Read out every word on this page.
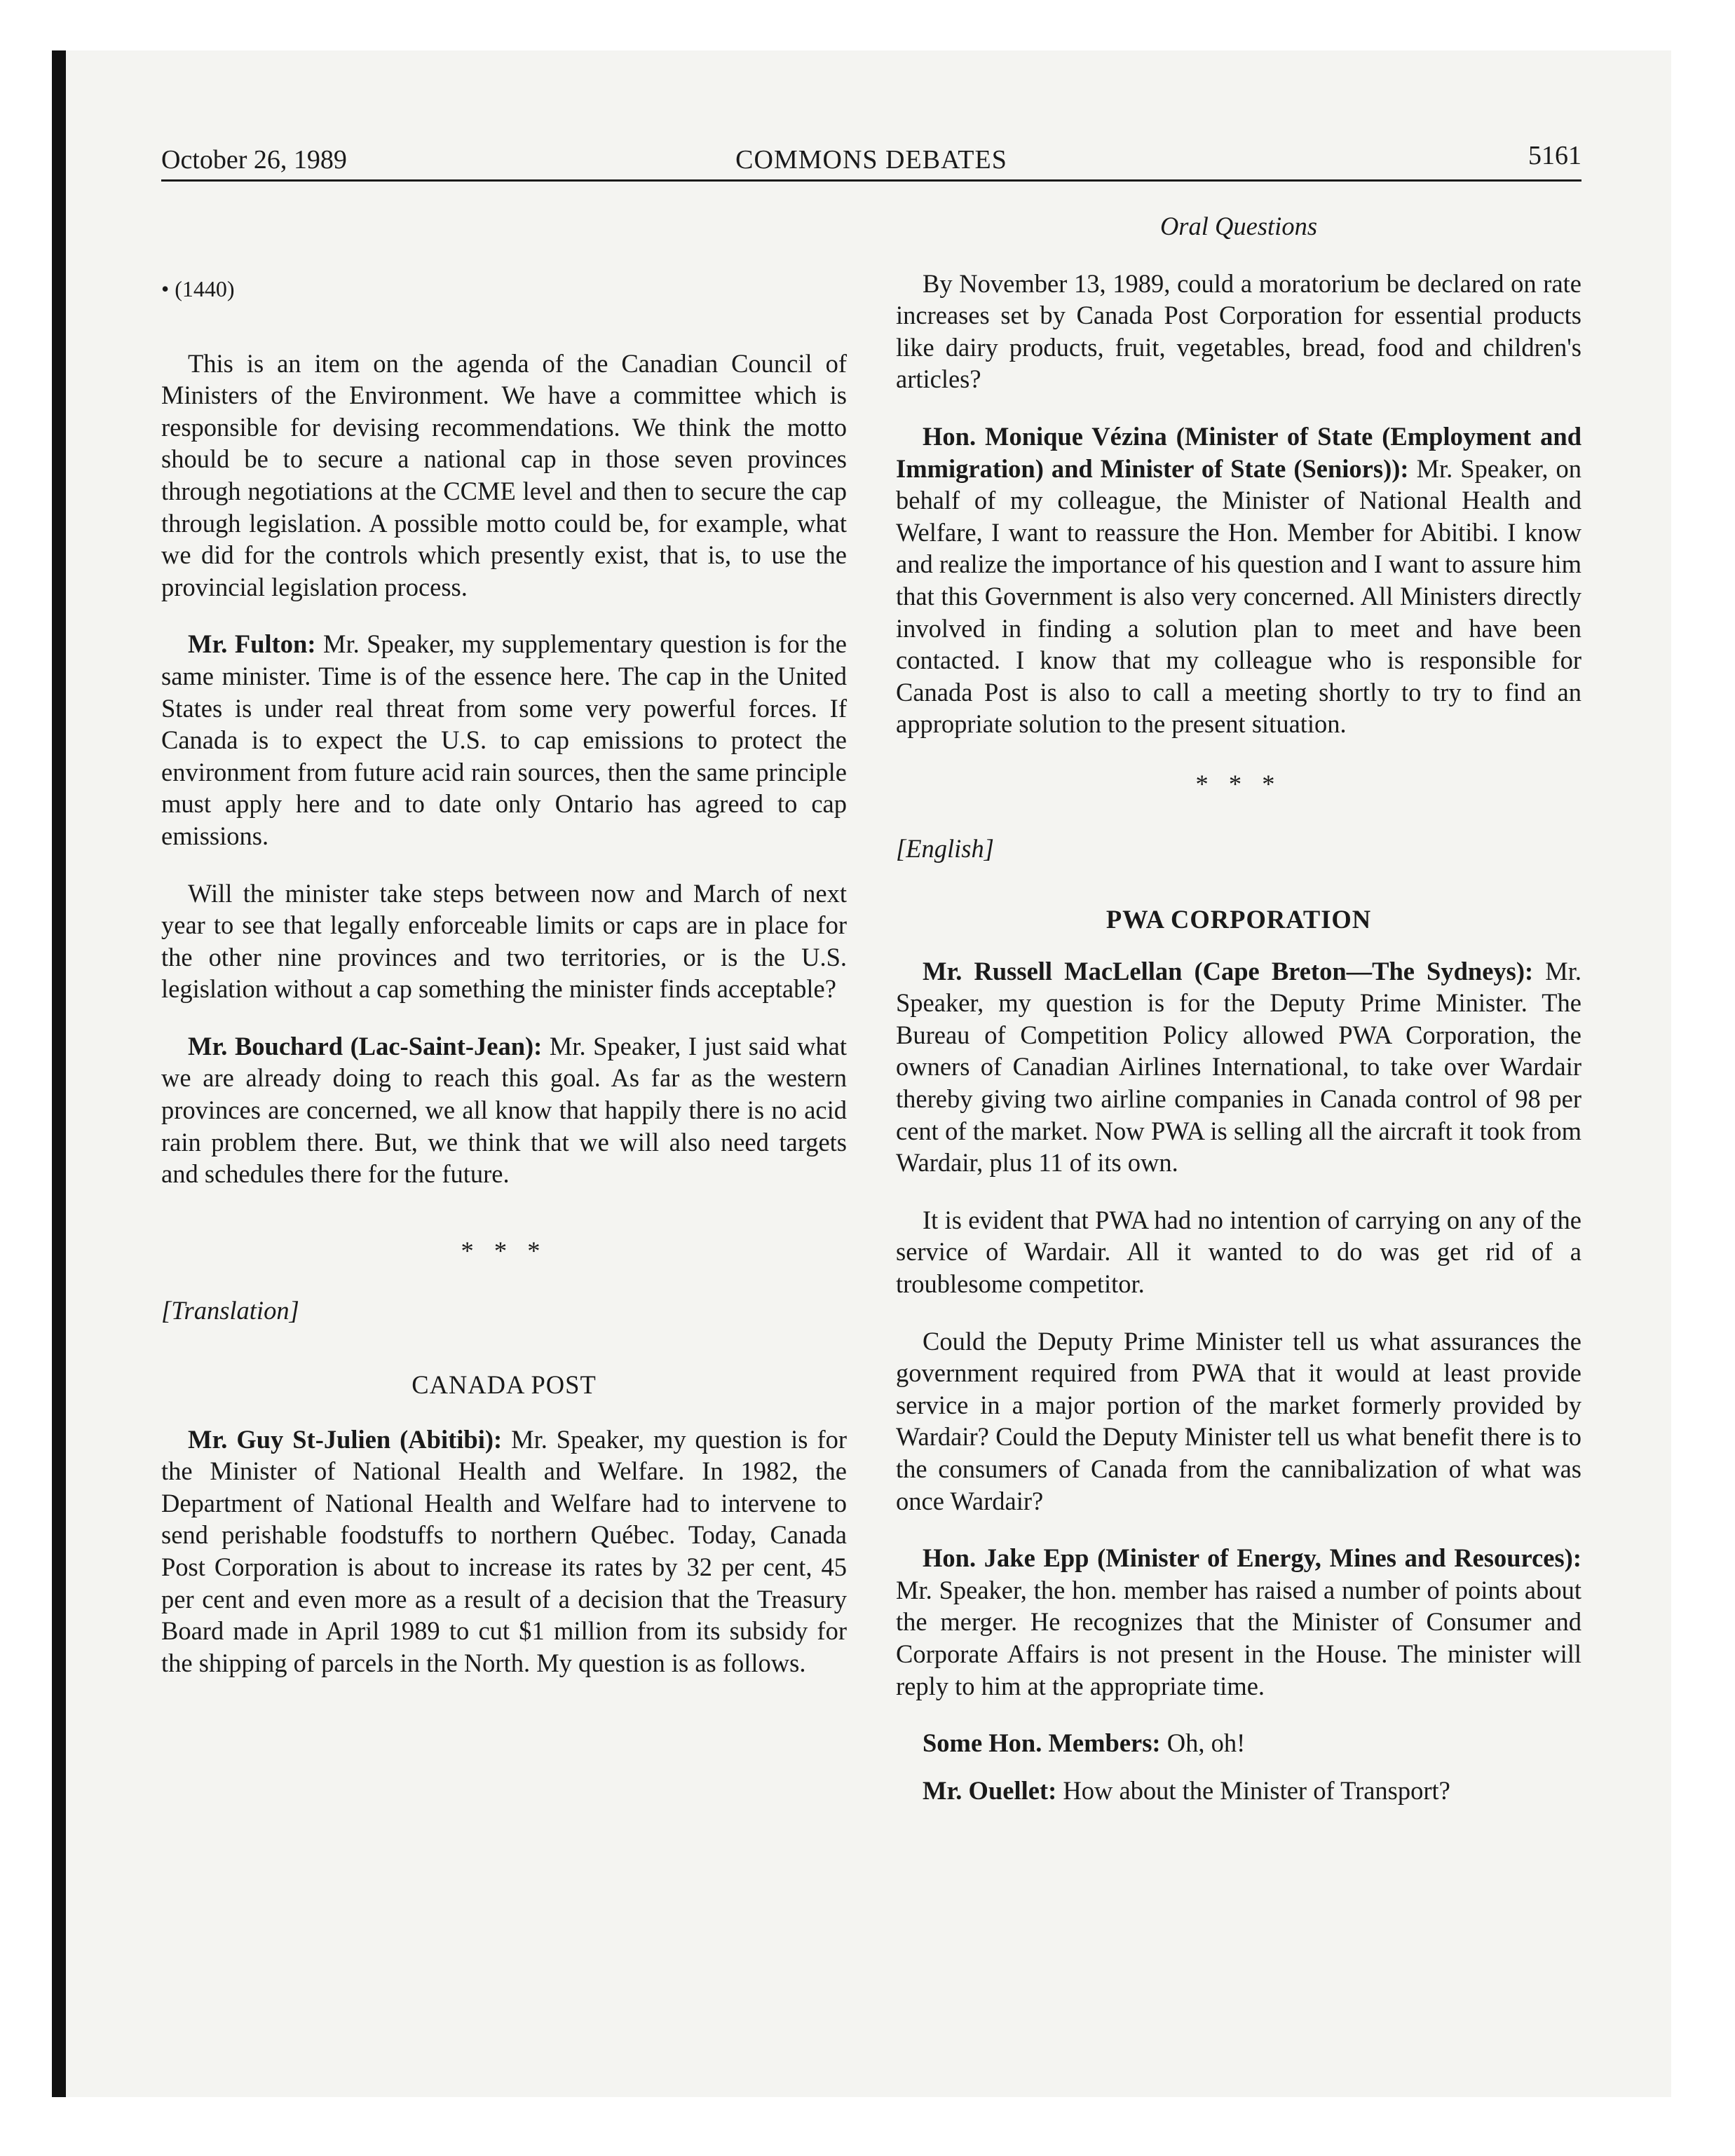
October 26, 1989	COMMONS DEBATES	5161
• (1440)

This is an item on the agenda of the Canadian Council of Ministers of the Environment. We have a committee which is responsible for devising recommendations. We think the motto should be to secure a national cap in those seven provinces through negotiations at the CCME level and then to secure the cap through legislation. A possible motto could be, for example, what we did for the controls which presently exist, that is, to use the provincial legislation process.

Mr. Fulton: Mr. Speaker, my supplementary question is for the same minister. Time is of the essence here. The cap in the United States is under real threat from some very powerful forces. If Canada is to expect the U.S. to cap emissions to protect the environment from future acid rain sources, then the same principle must apply here and to date only Ontario has agreed to cap emissions.

Will the minister take steps between now and March of next year to see that legally enforceable limits or caps are in place for the other nine provinces and two territories, or is the U.S. legislation without a cap something the minister finds acceptable?

Mr. Bouchard (Lac-Saint-Jean): Mr. Speaker, I just said what we are already doing to reach this goal. As far as the western provinces are concerned, we all know that happily there is no acid rain problem there. But, we think that we will also need targets and schedules there for the future.

* * *
[Translation]
CANADA POST

Mr. Guy St-Julien (Abitibi): Mr. Speaker, my question is for the Minister of National Health and Welfare. In 1982, the Department of National Health and Welfare had to intervene to send perishable foodstuffs to northern Québec. Today, Canada Post Corporation is about to increase its rates by 32 per cent, 45 per cent and even more as a result of a decision that the Treasury Board made in April 1989 to cut $1 million from its subsidy for the shipping of parcels in the North. My question is as follows.

Oral Questions

By November 13, 1989, could a moratorium be declared on rate increases set by Canada Post Corporation for essential products like dairy products, fruit, vegetables, bread, food and children's articles?

Hon. Monique Vézina (Minister of State (Employment and Immigration) and Minister of State (Seniors)): Mr. Speaker, on behalf of my colleague, the Minister of National Health and Welfare, I want to reassure the Hon. Member for Abitibi. I know and realize the importance of his question and I want to assure him that this Government is also very concerned. All Ministers directly involved in finding a solution plan to meet and have been contacted. I know that my colleague who is responsible for Canada Post is also to call a meeting shortly to try to find an appropriate solution to the present situation.

* * *
[English]
PWA CORPORATION

Mr. Russell MacLellan (Cape Breton—The Sydneys): Mr. Speaker, my question is for the Deputy Prime Minister. The Bureau of Competition Policy allowed PWA Corporation, the owners of Canadian Airlines International, to take over Wardair thereby giving two airline companies in Canada control of 98 per cent of the market. Now PWA is selling all the aircraft it took from Wardair, plus 11 of its own.

It is evident that PWA had no intention of carrying on any of the service of Wardair. All it wanted to do was get rid of a troublesome competitor.

Could the Deputy Prime Minister tell us what assurances the government required from PWA that it would at least provide service in a major portion of the market formerly provided by Wardair? Could the Deputy Minister tell us what benefit there is to the consumers of Canada from the cannibalization of what was once Wardair?

Hon. Jake Epp (Minister of Energy, Mines and Resources): Mr. Speaker, the hon. member has raised a number of points about the merger. He recognizes that the Minister of Consumer and Corporate Affairs is not present in the House. The minister will reply to him at the appropriate time.

Some Hon. Members: Oh, oh!

Mr. Ouellet: How about the Minister of Transport?
